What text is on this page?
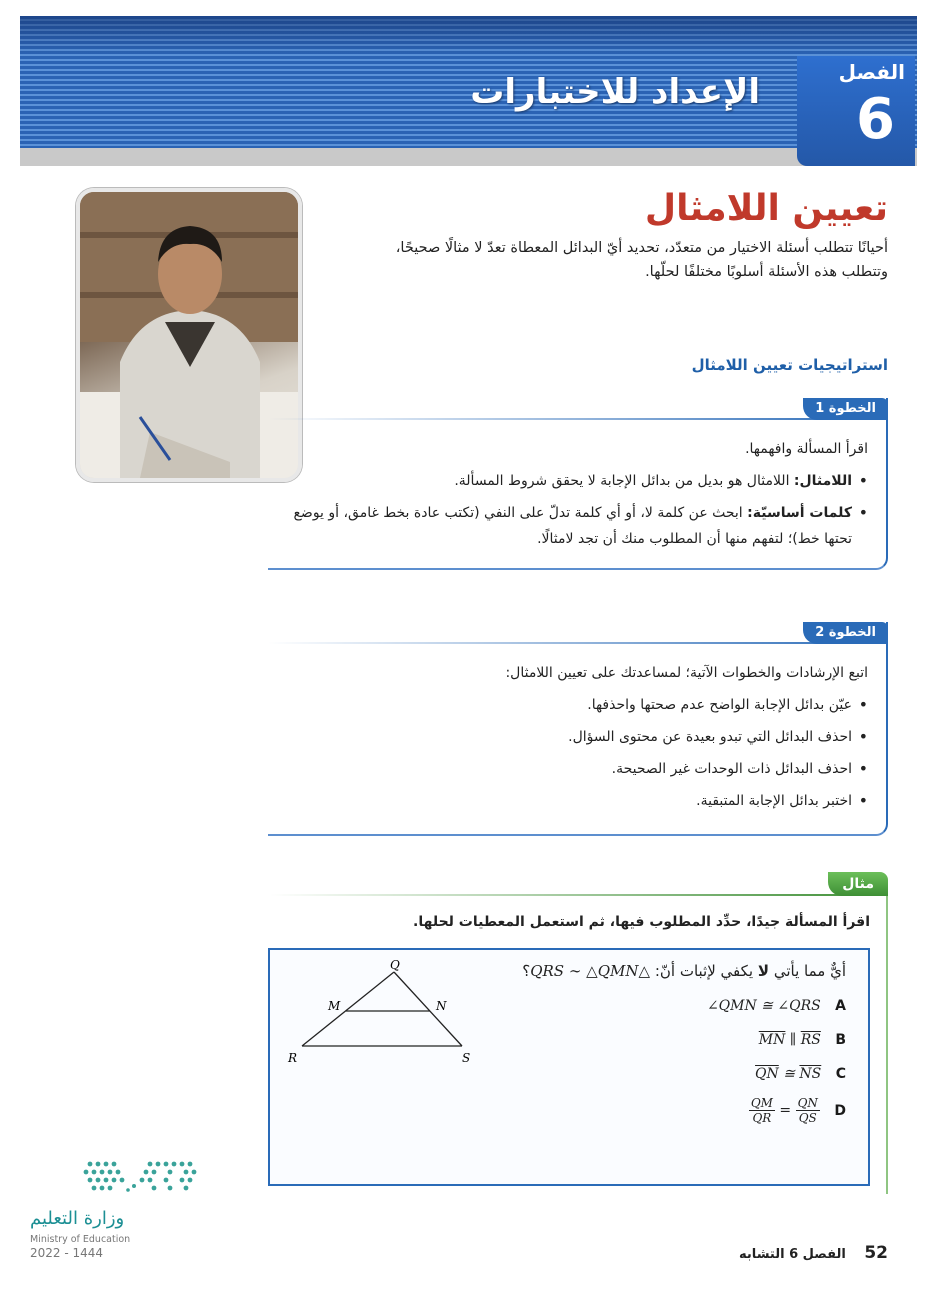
الإعداد للاختبارات	الفصل
6
تعيين اللامثال
أحيانًا تتطلب أسئلة الاختيار من متعدّد، تحديد أيّ البدائل المعطاة تعدّ لا مثالًا صحيحًا، وتتطلب هذه الأسئلة أسلوبًا مختلفًا لحلّها.
استراتيجيات تعيين اللامثال
الخطوة 1
اقرأ المسألة وافهمها.
• اللامثال: اللامثال هو بديل من بدائل الإجابة لا يحقق شروط المسألة.
• كلمات أساسيّة: ابحث عن كلمة لا، أو أي كلمة تدلّ على النفي (تكتب عادة بخط غامق، أو يوضع تحتها خط)؛ لتفهم منها أن المطلوب منك أن تجد لامثالًا.
الخطوة 2
اتبع الإرشادات والخطوات الآتية؛ لمساعدتك على تعيين اللامثال:
• عيّن بدائل الإجابة الواضح عدم صحتها واحذفها.
• احذف البدائل التي تبدو بعيدة عن محتوى السؤال.
• احذف البدائل ذات الوحدات غير الصحيحة.
• اختبر بدائل الإجابة المتبقية.
مثال
اقرأ المسألة جيدًا، حدِّد المطلوب فيها، ثم استعمل المعطيات لحلها.
أيٌّ مما يأتي لا يكفي لإثبات أنّ: △QRS ∼ △QMN؟
∠QMN ≅ ∠QRS A
$\overline{MN}$ ∥ $\overline{RS}$ B
$\overline{QN}$ ≅ $\overline{NS}$ C
$\frac{QM}{QR} = \frac{QN}{QS}$ D
Q
M	N
R	S
وزارة التعليم
Ministry of Education
2022 - 1444	52 الفصل 6 التشابه
